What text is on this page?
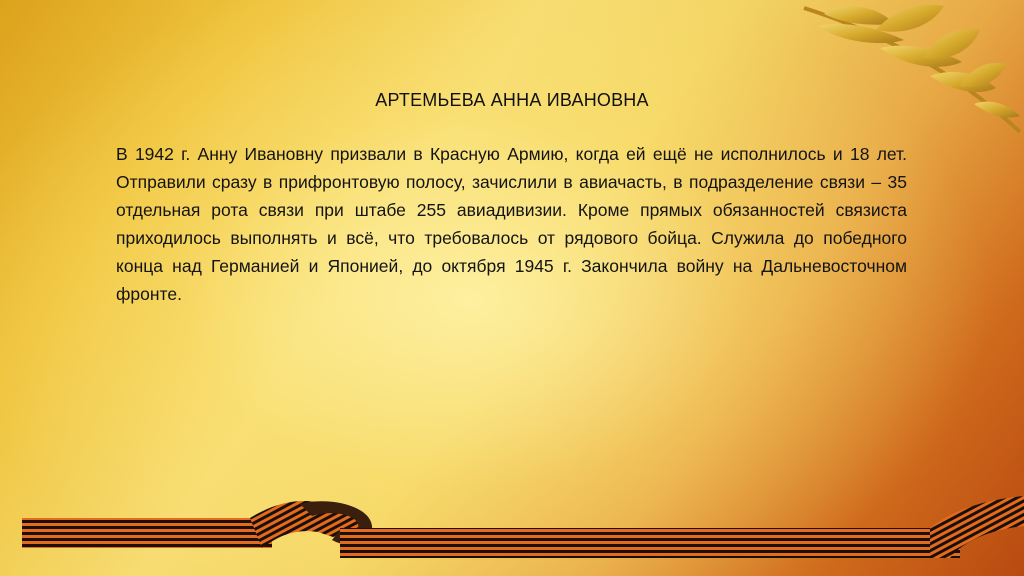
АРТЕМЬЕВА АННА ИВАНОВНА

В 1942 г. Анну Ивановну призвали в Красную Армию, когда ей ещё не исполнилось и 18 лет. Отправили сразу в прифронтовую полосу, зачислили в авиачасть, в подразделение связи – 35 отдельная рота связи при штабе 255 авиадивизии. Кроме прямых обязанностей связиста приходилось выполнять и всё, что требовалось от рядового бойца. Служила до победного конца над Германией и Японией, до октября 1945 г. Закончила войну на Дальневосточном фронте.
